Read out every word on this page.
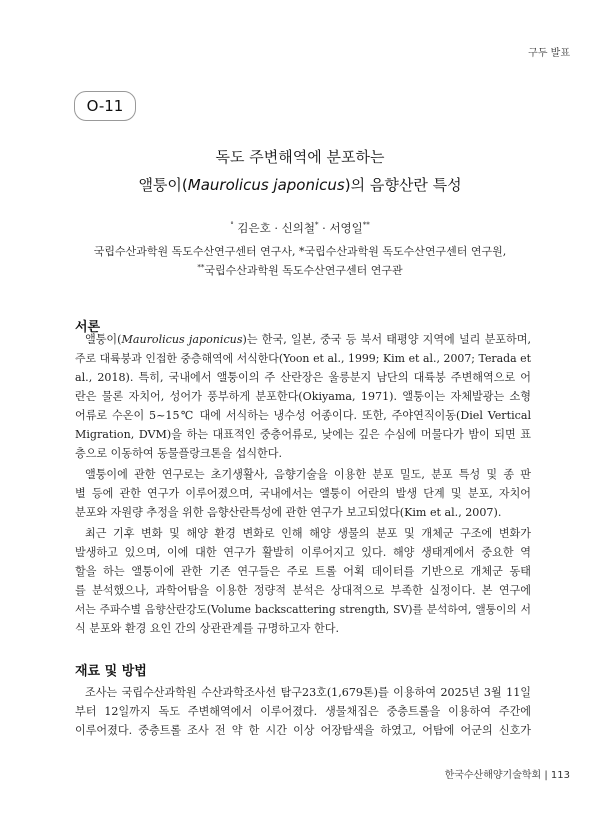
구두 발표
O-11
독도 주변해역에 분포하는
앨퉁이(Maurolicus japonicus)의 음향산란 특성
° 김은호 · 신의철* · 서영일**
국립수산과학원 독도수산연구센터 연구사, *국립수산과학원 독도수산연구센터 연구원,
**국립수산과학원 독도수산연구센터 연구관
서론
앨퉁이(Maurolicus japonicus)는 한국, 일본, 중국 등 북서 태평양 지역에 널리 분포하며,
주로 대륙붕과 인접한 중층해역에 서식한다(Yoon et al., 1999; Kim et al., 2007; Terada et
al., 2018). 특히, 국내에서 앨퉁이의 주 산란장은 울릉분지 남단의 대륙붕 주변해역으로 어
란은 물론 자치어, 성어가 풍부하게 분포한다(Okiyama, 1971). 앨퉁이는 자체발광는 소형
어류로 수온이 5~15℃ 대에 서식하는 냉수성 어종이다. 또한, 주야연직이동(Diel Vertical
Migration, DVM)을 하는 대표적인 중층어류로, 낮에는 깊은 수심에 머물다가 밤이 되면 표
층으로 이동하여 동물플랑크톤을 섭식한다.
앨퉁이에 관한 연구로는 초기생활사, 음향기술을 이용한 분포 밀도, 분포 특성 및 종 판
별 등에 관한 연구가 이루어졌으며, 국내에서는 앨퉁이 어란의 발생 단계 및 분포, 자치어
분포와 자원량 추정을 위한 음향산란특성에 관한 연구가 보고되었다(Kim et al., 2007).
최근 기후 변화 및 해양 환경 변화로 인해 해양 생물의 분포 및 개체군 구조에 변화가
발생하고 있으며, 이에 대한 연구가 활발히 이루어지고 있다. 해양 생태계에서 중요한 역
할을 하는 앨퉁이에 관한 기존 연구들은 주로 트롤 어획 데이터를 기반으로 개체군 동태
를 분석했으나, 과학어탐을 이용한 정량적 분석은 상대적으로 부족한 실정이다. 본 연구에
서는 주파수별 음향산란강도(Volume backscattering strength, SV)를 분석하여, 앨퉁이의 서
식 분포와 환경 요인 간의 상관관계를 규명하고자 한다.
재료 및 방법
조사는 국립수산과학원 수산과학조사선 탐구23호(1,679톤)를 이용하여 2025년 3월 11일
부터 12일까지 독도 주변해역에서 이루어졌다. 생물채집은 중층트롤을 이용하여 주간에
이루어졌다. 중층트롤 조사 전 약 한 시간 이상 어장탐색을 하였고, 어탐에 어군의 신호가
한국수산해양기술학회 | 113
